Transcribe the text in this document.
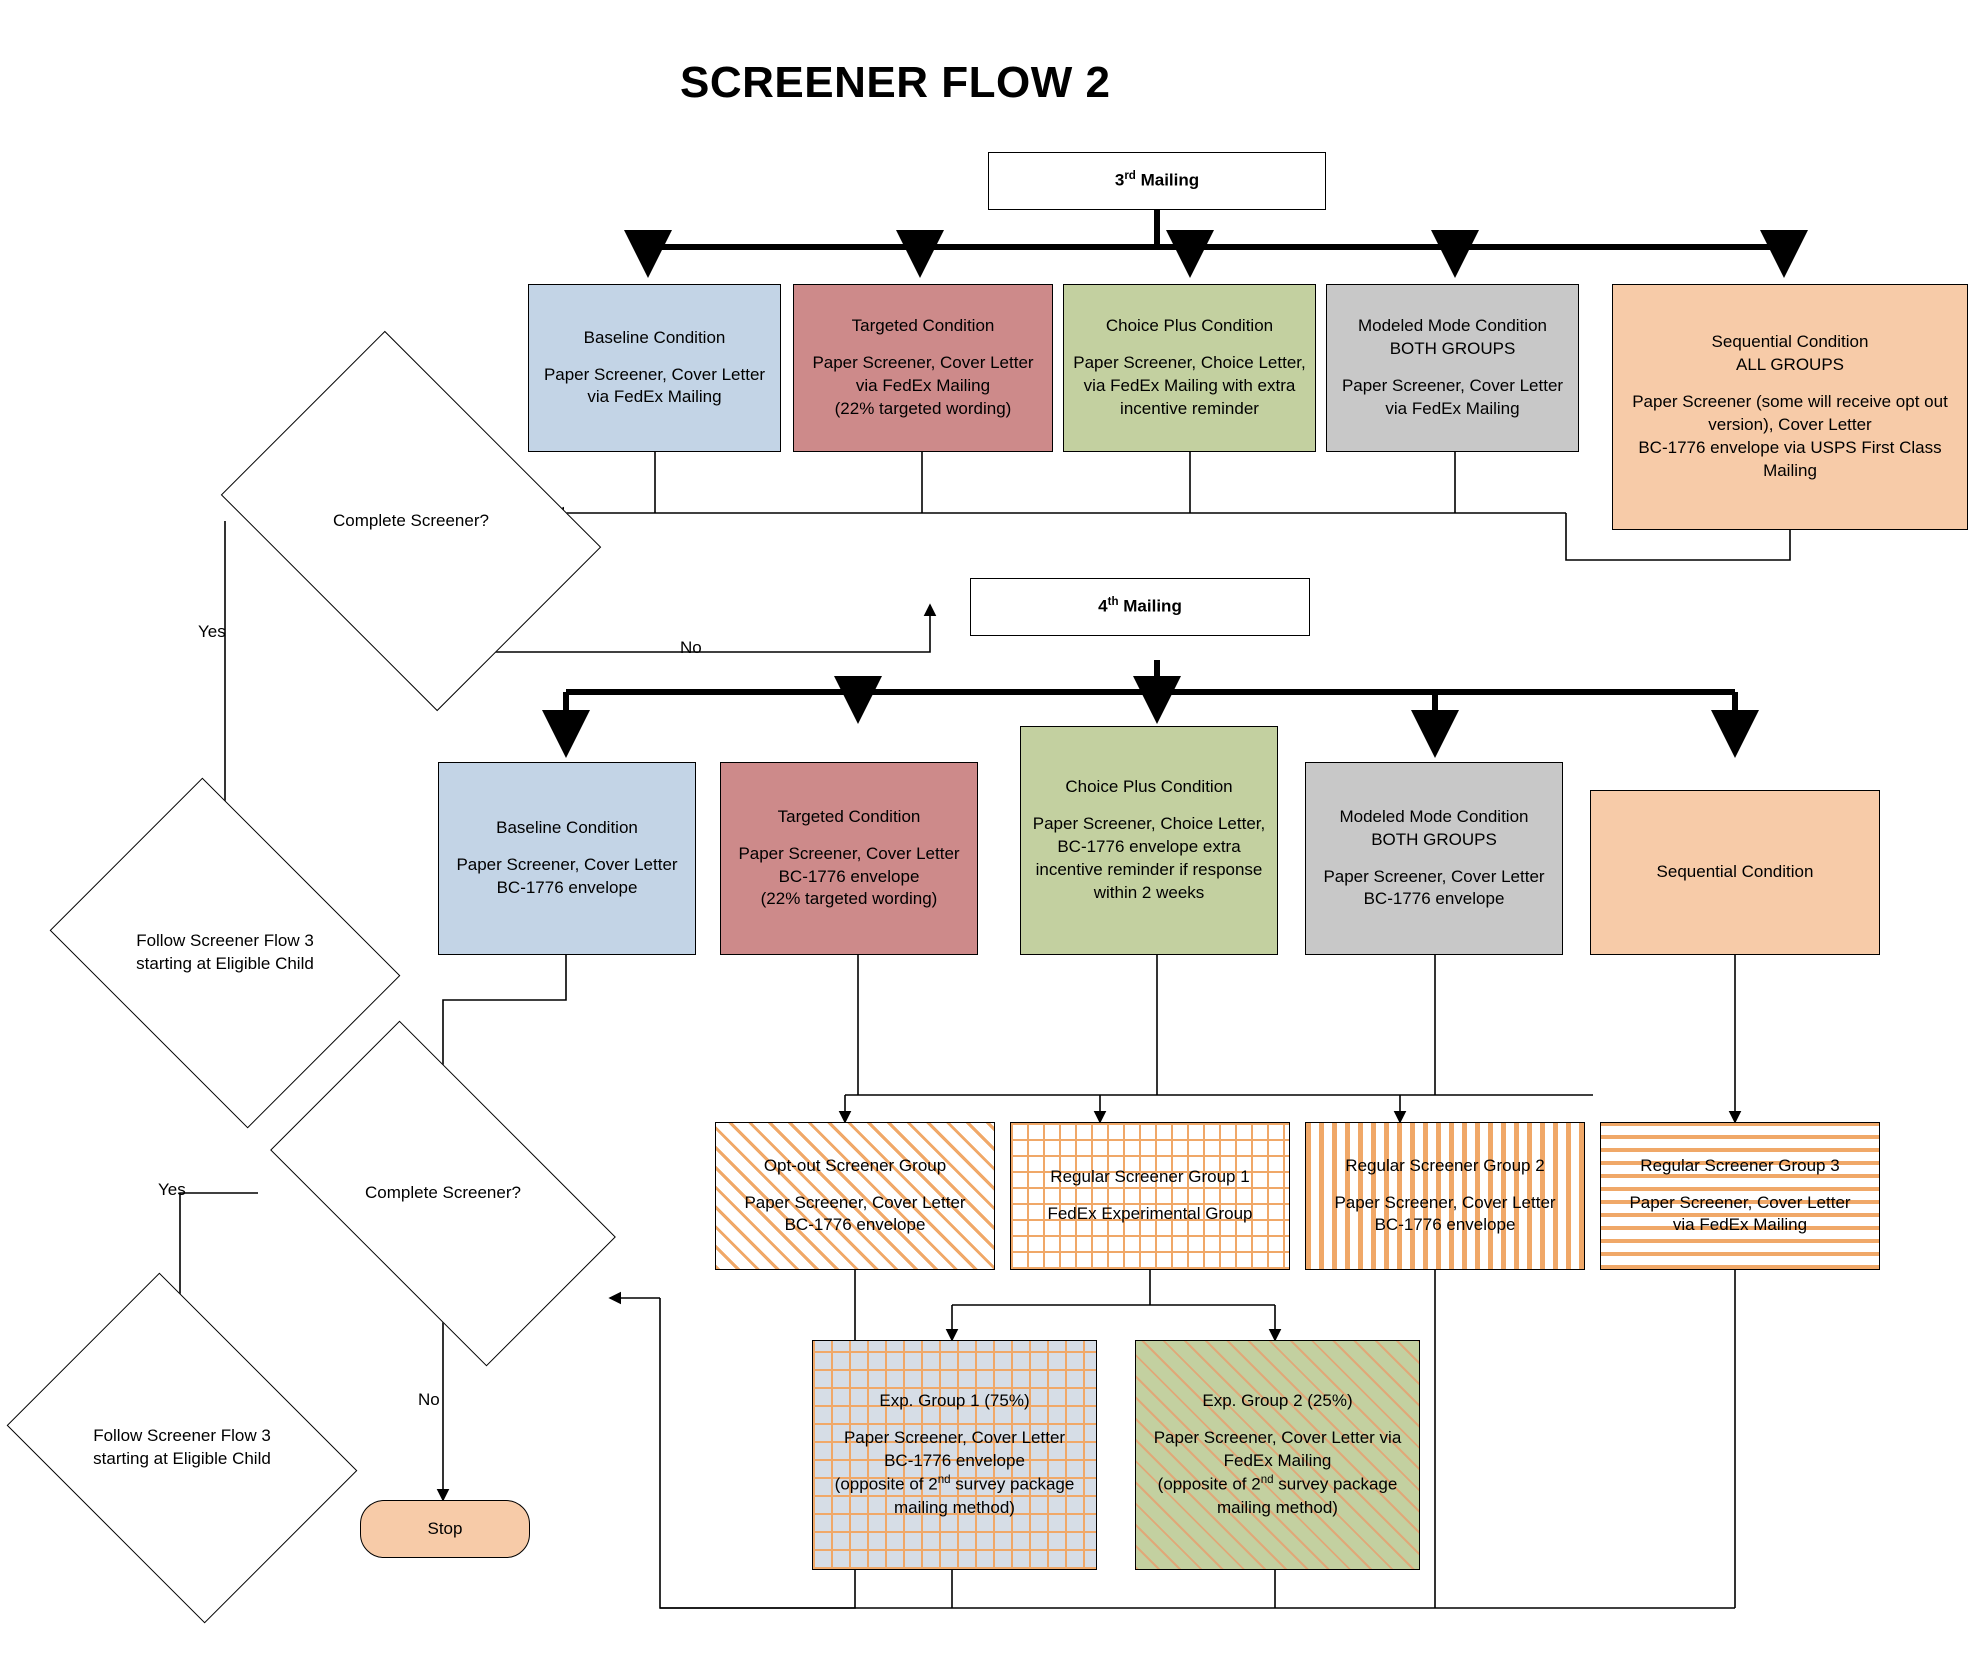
SCREENER FLOW 2
3rd Mailing
Baseline Condition
Paper Screener, Cover Letter
via FedEx Mailing
Targeted Condition
Paper Screener, Cover Letter
via FedEx Mailing
(22% targeted wording)
Choice Plus Condition
Paper Screener, Choice Letter, via FedEx Mailing with extra incentive reminder
Modeled Mode Condition
BOTH GROUPS
Paper Screener, Cover Letter
via FedEx Mailing
Sequential Condition
ALL GROUPS
Paper Screener (some will receive opt out version), Cover Letter
BC-1776 envelope via USPS First Class Mailing
Complete Screener?
Yes
No
Follow Screener Flow 3 starting at Eligible Child
4th Mailing
Baseline Condition
Paper Screener, Cover Letter
BC-1776 envelope
Targeted Condition
Paper Screener, Cover Letter
BC-1776 envelope
(22% targeted wording)
Choice Plus Condition
Paper Screener, Choice Letter, BC-1776 envelope extra incentive reminder if response within 2 weeks
Modeled Mode Condition
BOTH GROUPS
Paper Screener, Cover Letter
BC-1776 envelope
Sequential Condition
Complete Screener?
Yes
No
Follow Screener Flow 3 starting at Eligible Child
Stop
Opt-out Screener Group
Paper Screener, Cover Letter
BC-1776 envelope
Regular Screener Group 1
FedEx Experimental Group
Regular Screener Group 2
Paper Screener, Cover Letter
BC-1776 envelope
Regular Screener Group 3
Paper Screener, Cover Letter
via FedEx Mailing
Exp. Group 1 (75%)
Paper Screener, Cover Letter
BC-1776 envelope
(opposite of 2nd survey package mailing method)
Exp. Group 2 (25%)
Paper Screener, Cover Letter via FedEx Mailing
(opposite of 2nd survey package mailing method)
